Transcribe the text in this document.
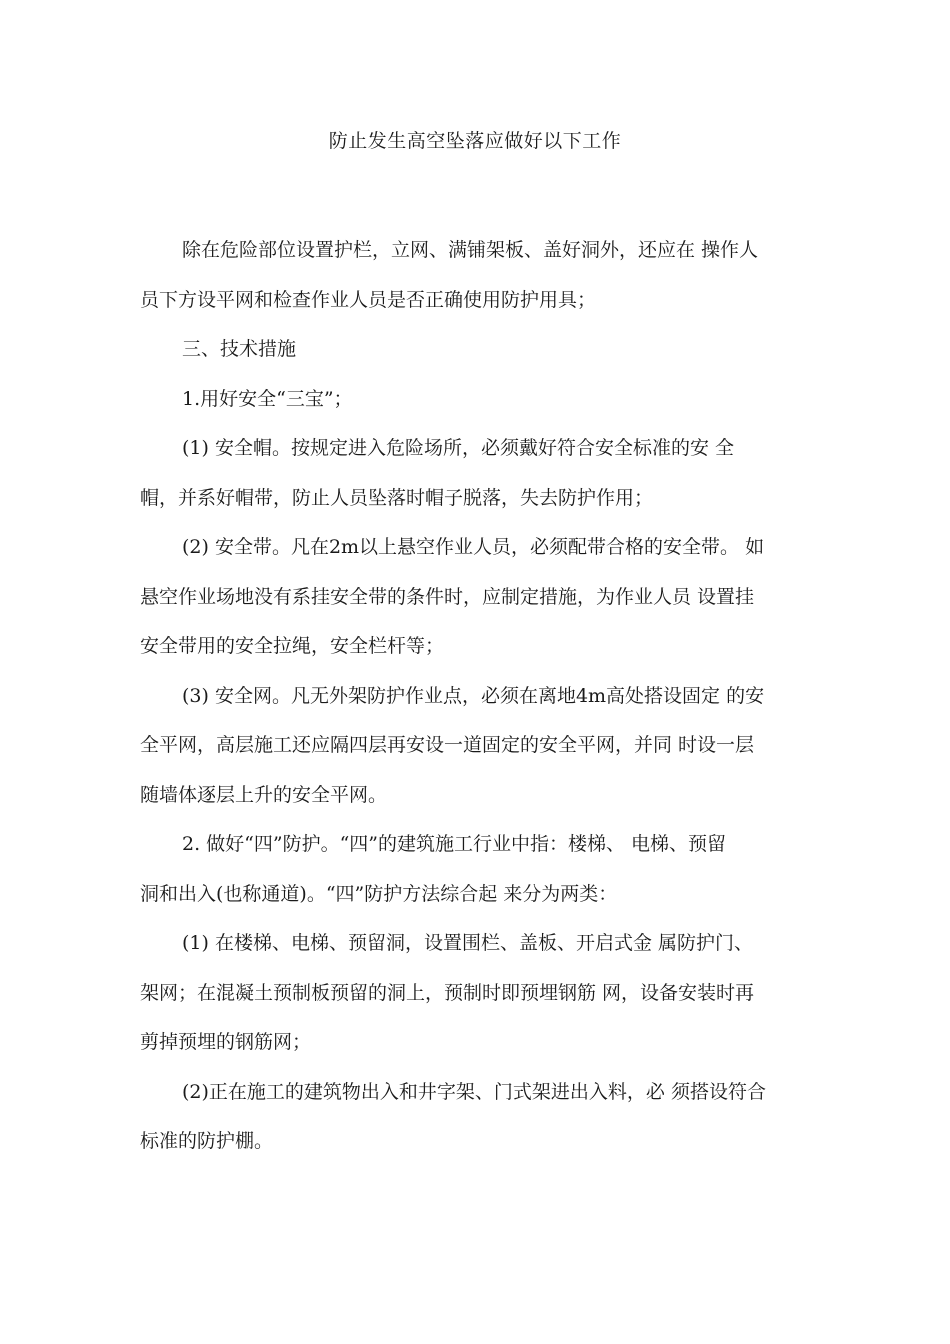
防止发生高空坠落应做好以下工作

除在危险部位设置护栏，立网、满铺架板、盖好洞外，还应在 操作人
员下方设平网和检查作业人员是否正确使用防护用具；

三、技术措施

1.用好安全“三宝”；

(1) 安全帽。按规定进入危险场所，必须戴好符合安全标准的安 全
帽，并系好帽带，防止人员坠落时帽子脱落，失去防护作用；

(2) 安全带。凡在2m以上悬空作业人员，必须配带合格的安全带。 如
悬空作业场地没有系挂安全带的条件时，应制定措施，为作业人员 设置挂
安全带用的安全拉绳，安全栏杆等；

(3) 安全网。凡无外架防护作业点，必须在离地4m高处搭设固定 的安
全平网，高层施工还应隔四层再安设一道固定的安全平网，并同 时设一层
随墙体逐层上升的安全平网。

2. 做好“四”防护。“四”的建筑施工行业中指：楼梯、 电梯、预留
洞和出入(也称通道)。“四”防护方法综合起 来分为两类：

(1) 在楼梯、电梯、预留洞，设置围栏、盖板、开启式金 属防护门、
架网；在混凝土预制板预留的洞上，预制时即预埋钢筋 网，设备安装时再
剪掉预埋的钢筋网；

(2)正在施工的建筑物出入和井字架、门式架进出入料，必 须搭设符合
标准的防护棚。
